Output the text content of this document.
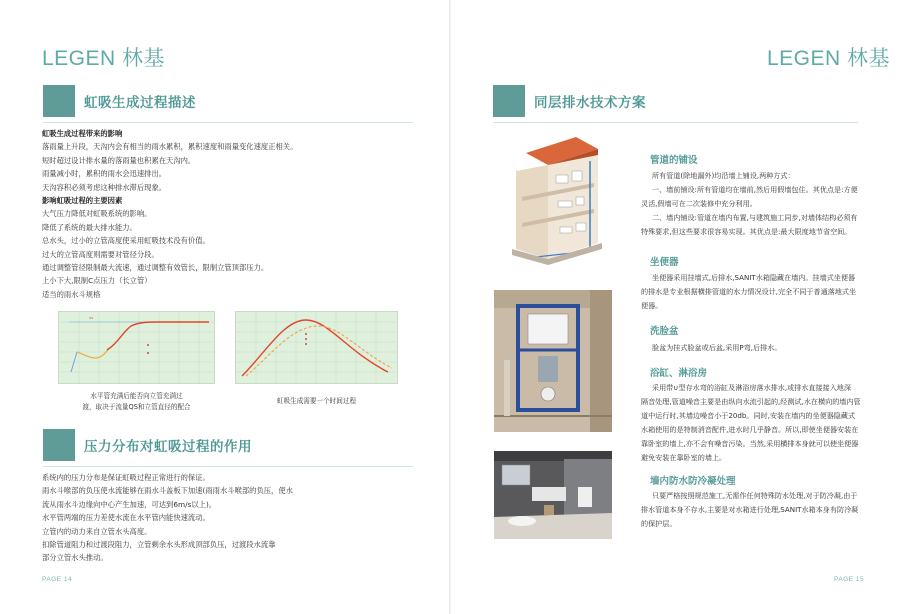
LEGEN 林基
虹吸生成过程描述
虹吸生成过程带来的影响
落雨量上升段，天沟内会有相当的雨水累积，累积速度和雨量变化速度正相关。
短时超过设计排水量的落雨量也积累在天沟内。
雨量减小时，累积的雨水会迅速排出。
天沟容积必须考虑这种排水滞后现象。
影响虹吸过程的主要因素
大气压力降低对虹吸系统的影响。
降低了系统的最大排水能力。
总水头，过小的立管高度使采用虹吸技术没有价值。
过大的立管高度则需要对管径分段。
通过调整管径限制最大流速，通过调整有效管长，限制立管顶部压力。
上小下大,限制C点压力（长立管）
适当的雨水斗规格
QS
水平管充满后能否向立管充满过
渡，取决于流量QS和立管直径的配合
虹吸生成需要一个时间过程
压力分布对虹吸过程的作用
系统内的压力分布是保证虹吸过程正常进行的保证。
雨水斗喉部的负压使水流能够在雨水斗盖板下加速(雨雨水斗喉部的负压，使水
流从雨水斗边缘向中心产生加速，可达到6m/s以上)。
水平管两端的压力差使水流在水平管内能快速流动。
立管内的动力来自立管水头高度。
扣除管道阻力和过渡段阻力，立管剩余水头形成顶部负压，过渡段水流靠
部分立管水头推动。
PAGE 14
LEGEN 林基
同层排水技术方案
管道的铺设
所有管道(除地漏外)均沿墙上铺设,两种方式：
一、墙前铺设:所有管道均在墙前,然后用假墙包住。其优点是:方便
灵活,假墙可在二次装修中充分利用。
二、墙内铺设:管道在墙内布置,与建筑施工同步,对墙体结构必须有
特殊要求,但这些要求很容易实现。其优点是:最大限度地节省空间。
坐便器
坐便器采用挂墙式,后排水,SANIT水箱隐藏在墙内。挂墙式坐便器
的排水是专业根据横排管道的水力情况设计,完全不同于普通落地式坐
便器。
洗脸盆
脸盆为挂式脸盆或后盆,采用P弯,后排水。
浴缸、淋浴房
采用带∪型存水弯的浴缸及淋浴房落水排水,或排水直接接入地深
隔音处理,管道噪音主要是由纵向水流引起的,经测试,水在横向的墙内管
道中运行时,其墙边噪音小于20db。同时,安装在墙内的坐便器隐藏式
水箱使用的是特制消音配件,进水时几乎静音。所以,即使坐便器安装在
靠卧室的墙上,亦不会有噪音污染。当然,采用横排本身就可以使坐便器
避免安装在靠卧室的墙上。
墙内防水防冷凝处理
只要严格按照规范施工,无需作任何特殊防水处理,对于防冷凝,由于
排水管道本身不存水,主要是对水箱进行处理,SANIT水箱本身有防冷凝
的保护层。
PAGE 15
